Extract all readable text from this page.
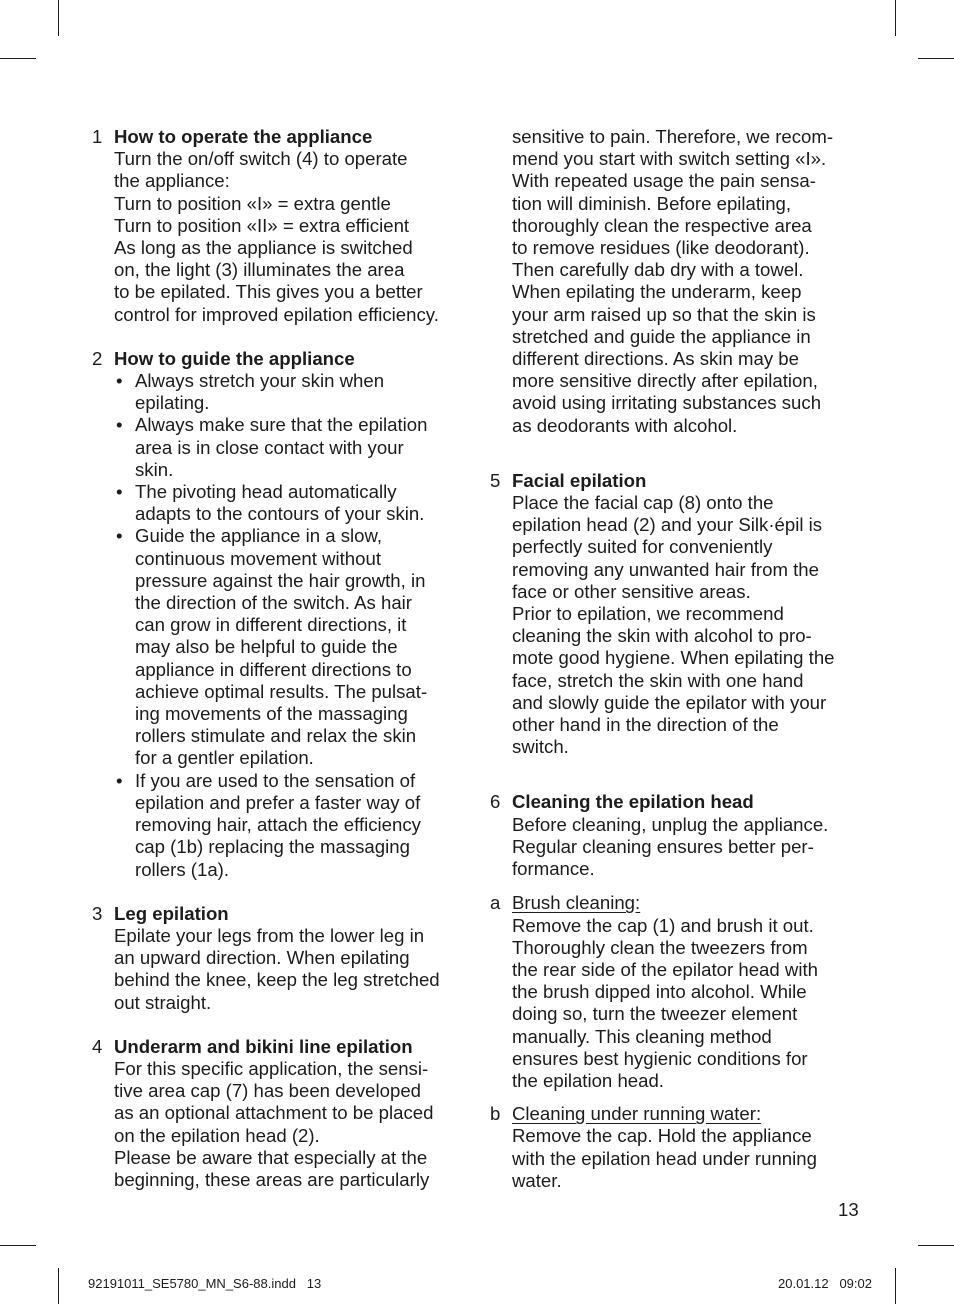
1 How to operate the appliance
Turn the on/off switch (4) to operate
the appliance:
Turn to position «I» = extra gentle
Turn to position «II» = extra efficient
As long as the appliance is switched
on, the light (3) illuminates the area
to be epilated. This gives you a better
control for improved epilation efficiency.
2 How to guide the appliance
• Always stretch your skin when
epilating.
• Always make sure that the epilation
area is in close contact with your
skin.
• The pivoting head automatically
adapts to the contours of your skin.
• Guide the appliance in a slow,
continuous movement without
pressure against the hair growth, in
the direction of the switch. As hair
can grow in different directions, it
may also be helpful to guide the
appliance in different directions to
achieve optimal results. The pulsat-
ing movements of the massaging
rollers stimulate and relax the skin
for a gentler epilation.
• If you are used to the sensation of
epilation and prefer a faster way of
removing hair, attach the efficiency
cap (1b) replacing the massaging
rollers (1a).
3 Leg epilation
Epilate your legs from the lower leg in
an upward direction. When epilating
behind the knee, keep the leg stretched
out straight.
4 Underarm and bikini line epilation
For this specific application, the sensi-
tive area cap (7) has been developed
as an optional attachment to be placed
on the epilation head (2).
Please be aware that especially at the
beginning, these areas are particularly
sensitive to pain. Therefore, we recom-
mend you start with switch setting «I».
With repeated usage the pain sensa-
tion will diminish. Before epilating,
thoroughly clean the respective area
to remove residues (like deodorant).
Then carefully dab dry with a towel.
When epilating the underarm, keep
your arm raised up so that the skin is
stretched and guide the appliance in
different directions. As skin may be
more sensitive directly after epilation,
avoid using irritating substances such
as deodorants with alcohol.
5 Facial epilation
Place the facial cap (8) onto the
epilation head (2) and your Silk·épil is
perfectly suited for conveniently
removing any unwanted hair from the
face or other sensitive areas.
Prior to epilation, we recommend
cleaning the skin with alcohol to pro-
mote good hygiene. When epilating the
face, stretch the skin with one hand
and slowly guide the epilator with your
other hand in the direction of the
switch.
6 Cleaning the epilation head
Before cleaning, unplug the appliance.
Regular cleaning ensures better per-
formance.
a Brush cleaning:
Remove the cap (1) and brush it out.
Thoroughly clean the tweezers from
the rear side of the epilator head with
the brush dipped into alcohol. While
doing so, turn the tweezer element
manually. This cleaning method
ensures best hygienic conditions for
the epilation head.
b Cleaning under running water:
Remove the cap. Hold the appliance
with the epilation head under running
water.
13
92191011_SE5780_MN_S6-88.indd   13	20.01.12   09:02
